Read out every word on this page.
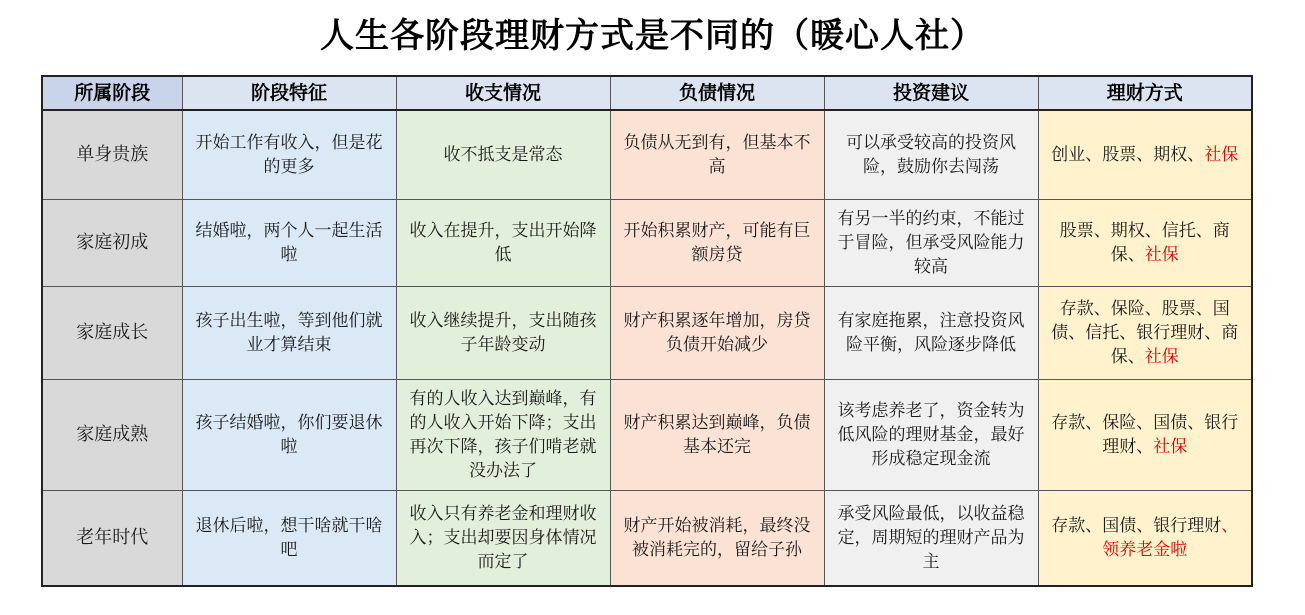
人生各阶段理财方式是不同的（暖心人社）
所属阶段	阶段特征	收支情况	负债情况	投资建议	理财方式
单身贵族	开始工作有收入，但是花的更多	收不抵支是常态	负债从无到有，但基本不高	可以承受较高的投资风险，鼓励你去闯荡	创业、股票、期权、社保
家庭初成	结婚啦，两个人一起生活啦	收入在提升，支出开始降低	开始积累财产，可能有巨额房贷	有另一半的约束，不能过于冒险，但承受风险能力较高	股票、期权、信托、商保、社保
家庭成长	孩子出生啦，等到他们就业才算结束	收入继续提升，支出随孩子年龄变动	财产积累逐年增加，房贷负债开始减少	有家庭拖累，注意投资风险平衡，风险逐步降低	存款、保险、股票、国债、信托、银行理财、商保、社保
家庭成熟	孩子结婚啦，你们要退休啦	有的人收入达到巅峰，有的人收入开始下降；支出再次下降，孩子们啃老就没办法了	财产积累达到巅峰，负债基本还完	该考虑养老了，资金转为低风险的理财基金，最好形成稳定现金流	存款、保险、国债、银行理财、社保
老年时代	退休后啦，想干啥就干啥吧	收入只有养老金和理财收入；支出却要因身体情况而定了	财产开始被消耗，最终没被消耗完的，留给子孙	承受风险最低，以收益稳定，周期短的理财产品为主	存款、国债、银行理财、领养老金啦
